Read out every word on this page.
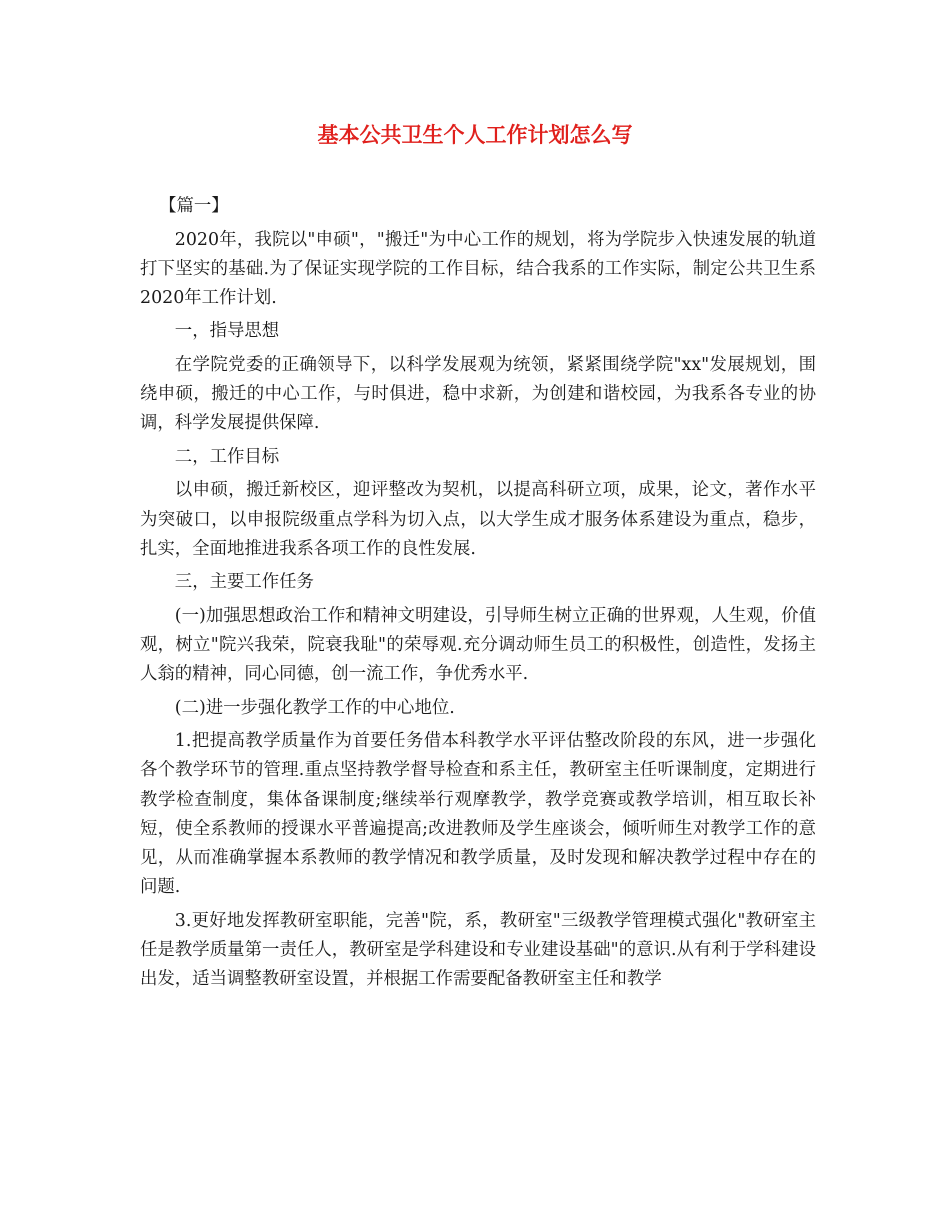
基本公共卫生个人工作计划怎么写

【篇一】

2020年，我院以"申硕"，"搬迁"为中心工作的规划，将为学院步入快速发展的轨道打下坚实的基础.为了保证实现学院的工作目标，结合我系的工作实际，制定公共卫生系2020年工作计划.

一，指导思想

在学院党委的正确领导下，以科学发展观为统领，紧紧围绕学院"xx"发展规划，围绕申硕，搬迁的中心工作，与时俱进，稳中求新，为创建和谐校园，为我系各专业的协调，科学发展提供保障.

二，工作目标

以申硕，搬迁新校区，迎评整改为契机，以提高科研立项，成果，论文，著作水平为突破口，以申报院级重点学科为切入点，以大学生成才服务体系建设为重点，稳步，扎实，全面地推进我系各项工作的良性发展.

三，主要工作任务

(一)加强思想政治工作和精神文明建设，引导师生树立正确的世界观，人生观，价值观，树立"院兴我荣，院衰我耻"的荣辱观.充分调动师生员工的积极性，创造性，发扬主人翁的精神，同心同德，创一流工作，争优秀水平.

(二)进一步强化教学工作的中心地位.

1.把提高教学质量作为首要任务借本科教学水平评估整改阶段的东风，进一步强化各个教学环节的管理.重点坚持教学督导检查和系主任，教研室主任听课制度，定期进行教学检查制度，集体备课制度;继续举行观摩教学，教学竞赛或教学培训，相互取长补短，使全系教师的授课水平普遍提高;改进教师及学生座谈会，倾听师生对教学工作的意见，从而准确掌握本系教师的教学情况和教学质量，及时发现和解决教学过程中存在的问题.

3.更好地发挥教研室职能，完善"院，系，教研室"三级教学管理模式强化"教研室主任是教学质量第一责任人，教研室是学科建设和专业建设基础"的意识.从有利于学科建设出发，适当调整教研室设置，并根据工作需要配备教研室主任和教学
